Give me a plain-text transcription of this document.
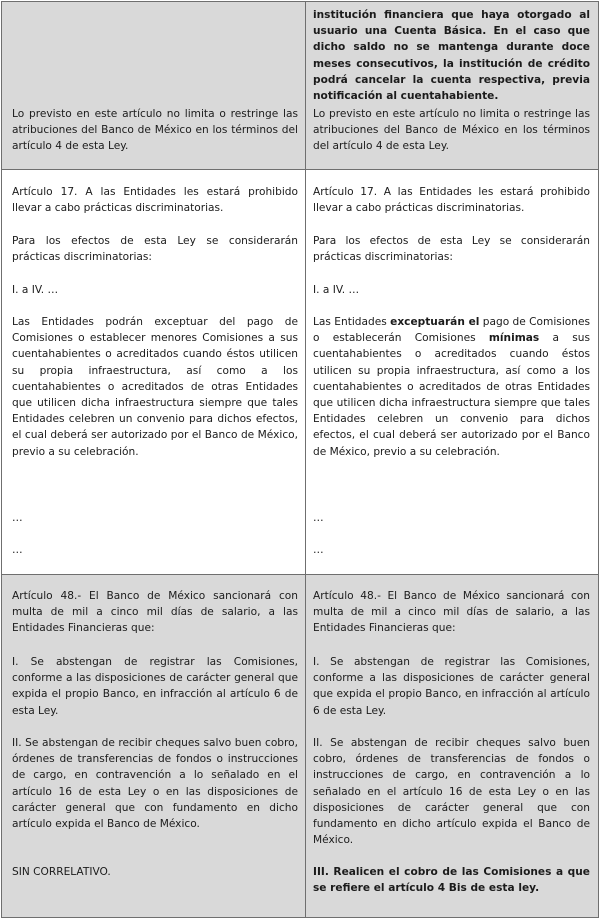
Lo previsto en este artículo no limita o restringe las atribuciones del Banco de México en los términos del artículo 4 de esta Ley.

institución financiera que haya otorgado al usuario una Cuenta Básica. En el caso que dicho saldo no se mantenga durante doce meses consecutivos, la institución de crédito podrá cancelar la cuenta respectiva, previa notificación al cuentahabiente.

Lo previsto en este artículo no limita o restringe las atribuciones del Banco de México en los términos del artículo 4 de esta Ley.

Artículo 17. A las Entidades les estará prohibido llevar a cabo prácticas discriminatorias.

Para los efectos de esta Ley se considerarán prácticas discriminatorias:

I. a IV. …

Las Entidades podrán exceptuar del pago de Comisiones o establecer menores Comisiones a sus cuentahabientes o acreditados cuando éstos utilicen su propia infraestructura, así como a los cuentahabientes o acreditados de otras Entidades que utilicen dicha infraestructura siempre que tales Entidades celebren un convenio para dichos efectos, el cual deberá ser autorizado por el Banco de México, previo a su celebración.

…

…

Artículo 17. A las Entidades les estará prohibido llevar a cabo prácticas discriminatorias.

Para los efectos de esta Ley se considerarán prácticas discriminatorias:

I. a IV. …

Las Entidades exceptuarán el pago de Comisiones o establecerán Comisiones mínimas a sus cuentahabientes o acreditados cuando éstos utilicen su propia infraestructura, así como a los cuentahabientes o acreditados de otras Entidades que utilicen dicha infraestructura siempre que tales Entidades celebren un convenio para dichos efectos, el cual deberá ser autorizado por el Banco de México, previo a su celebración.

…

…

Artículo 48.- El Banco de México sancionará con multa de mil a cinco mil días de salario, a las Entidades Financieras que:

I. Se abstengan de registrar las Comisiones, conforme a las disposiciones de carácter general que expida el propio Banco, en infracción al artículo 6 de esta Ley.

II. Se abstengan de recibir cheques salvo buen cobro, órdenes de transferencias de fondos o instrucciones de cargo, en contravención a lo señalado en el artículo 16 de esta Ley o en las disposiciones de carácter general que con fundamento en dicho artículo expida el Banco de México.

SIN CORRELATIVO.

Artículo 48.- El Banco de México sancionará con multa de mil a cinco mil días de salario, a las Entidades Financieras que:

I. Se abstengan de registrar las Comisiones, conforme a las disposiciones de carácter general que expida el propio Banco, en infracción al artículo 6 de esta Ley.

II. Se abstengan de recibir cheques salvo buen cobro, órdenes de transferencias de fondos o instrucciones de cargo, en contravención a lo señalado en el artículo 16 de esta Ley o en las disposiciones de carácter general que con fundamento en dicho artículo expida el Banco de México.

III. Realicen el cobro de las Comisiones a que se refiere el artículo 4 Bis de esta ley.
